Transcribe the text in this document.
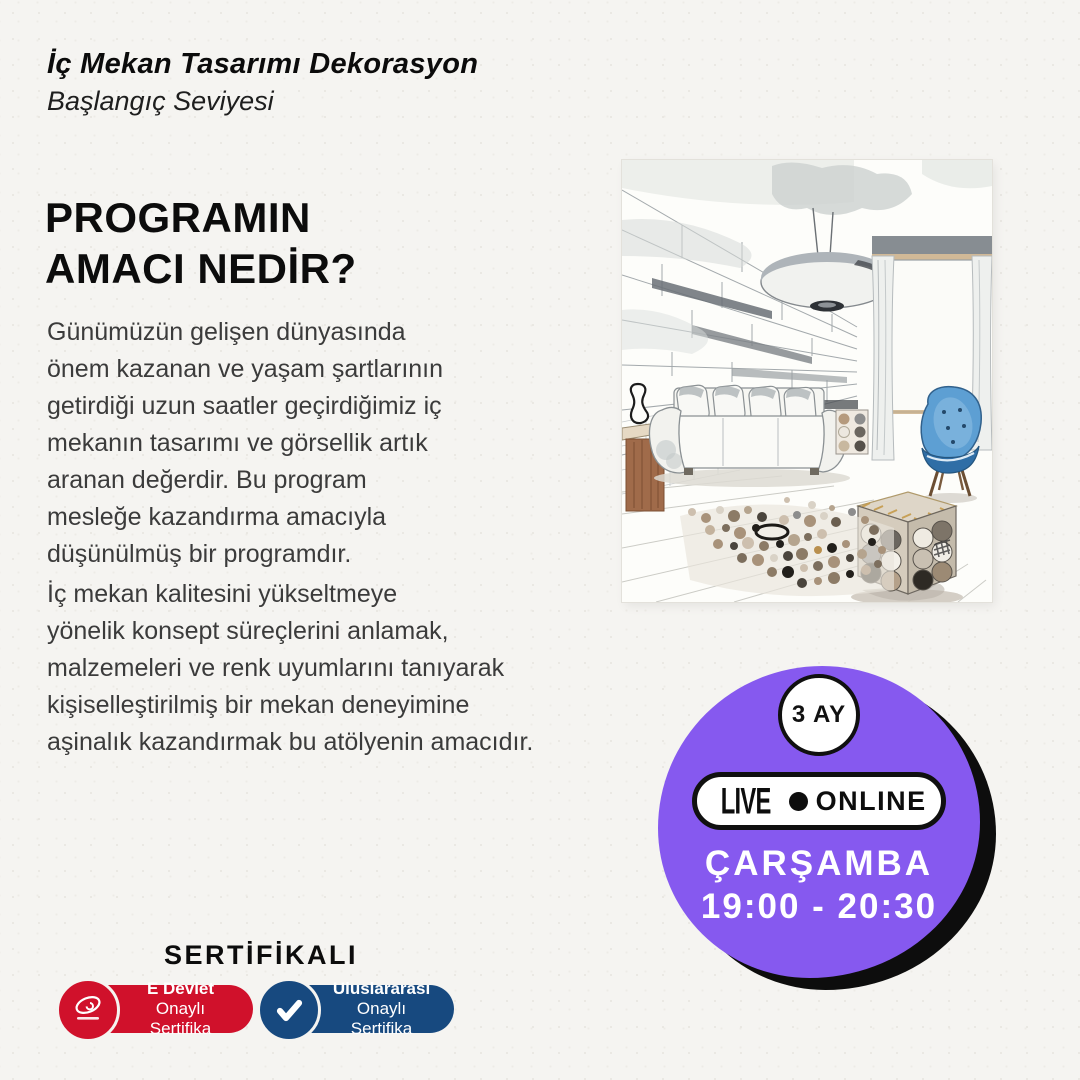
İç Mekan Tasarımı Dekorasyon
Başlangıç Seviyesi
PROGRAMIN
AMACI NEDİR?
Günümüzün gelişen dünyasında
önem kazanan ve yaşam şartlarının
getirdiği uzun saatler geçirdiğimiz iç
mekanın tasarımı ve görsellik artık
aranan değerdir. Bu program
mesleğe kazandırma amacıyla
düşünülmüş bir programdır.
İç mekan kalitesini yükseltmeye
yönelik konsept süreçlerini anlamak,
malzemeleri ve renk uyumlarını tanıyarak
kişiselleştirilmiş bir mekan deneyimine
aşinalık kazandırmak bu atölyenin amacıdır.
3 AY
LIVE ONLINE
ÇARŞAMBA
19:00 - 20:30
SERTİFİKALI
E Devlet
Onaylı Sertifika
Uluslararası
Onaylı Sertifika
